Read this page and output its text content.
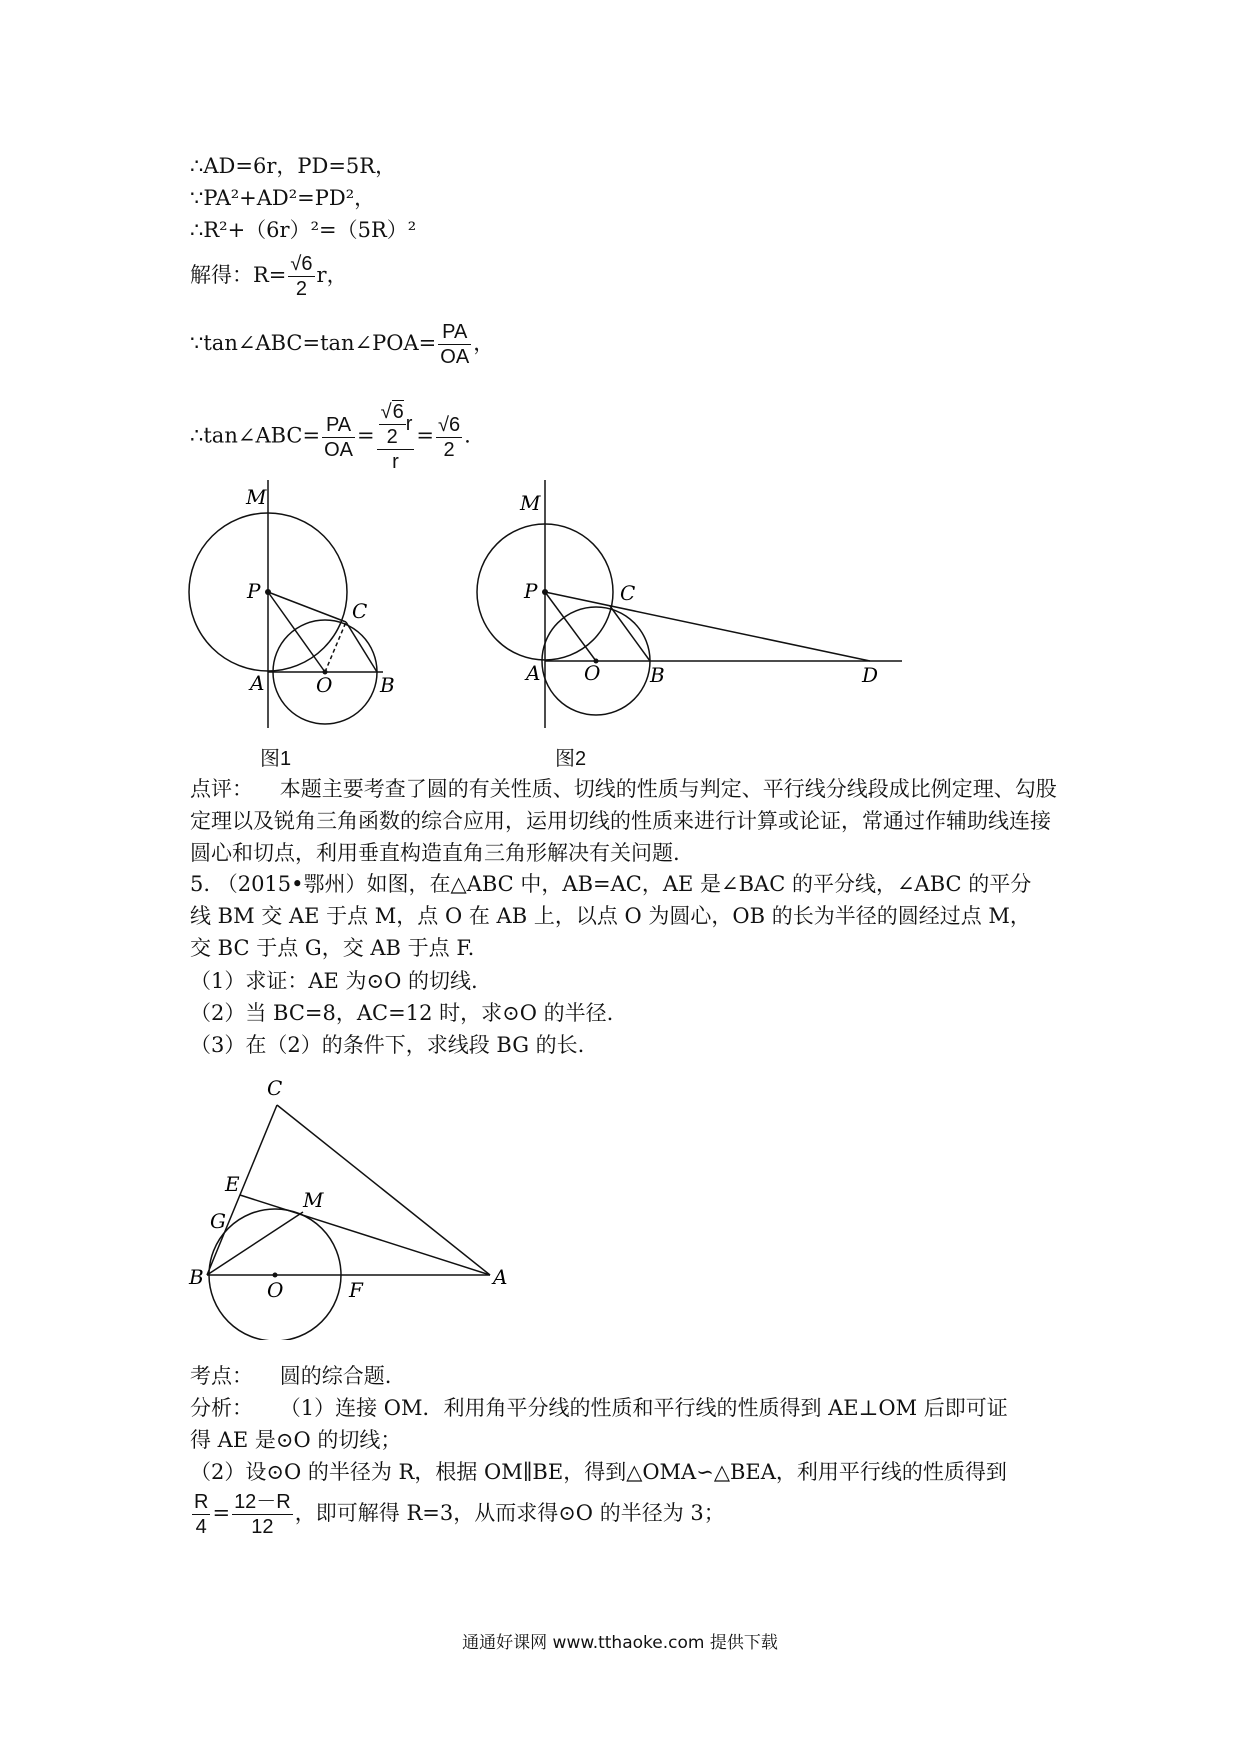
∴AD=6r，PD=5R，
∵PA²+AD²=PD²，
∴R²+（6r）²=（5R）²
解得：$R= \frac{√6}{2}$ r，
∵tan∠ABC=tan∠POA= $\frac{PA}{OA}$ ，
∴tan∠ABC= $\frac{PA}{OA} = \frac{\frac{√6}{2} r}{r} = \frac{√6}{2}$ .
M
P
C
A	O B
图1
M
P	C
A O B	D
图2
点评： 本题主要考查了圆的有关性质、切线的性质与判定、平行线分线段成比例定理、勾股定理以及锐角三角函数的综合应用，运用切线的性质来进行计算或论证，常通过作辅助线连接圆心和切点，利用垂直构造直角三角形解决有关问题.
5. （2015•鄂州）如图，在△ABC 中，AB=AC，AE 是∠BAC 的平分线，∠ABC 的平分
线 BM 交 AE 于点 M，点 O 在 AB 上，以点 O 为圆心，OB 的长为半径的圆经过点 M，
交 BC 于点 G，交 AB 于点 F.
（1）求证：AE 为⊙O 的切线.
（2）当 BC=8，AC=12 时，求⊙O 的半径.
（3）在（2）的条件下，求线段 BG 的长.
C
E
M
G
B
O	F
A
考点： 圆的综合题.
分析： （1）连接 OM．利用角平分线的性质和平行线的性质得到 AE⊥OM 后即可证
得 AE 是⊙O 的切线；
（2）设⊙O 的半径为 R，根据 OM∥BE，得到△OMA∽△BEA，利用平行线的性质得到
$\frac{R}{4} = \frac{12-R}{12}$ ，即可解得 R=3，从而求得⊙O 的半径为 3；
通通好课网 www.tthaoke.com 提供下载
